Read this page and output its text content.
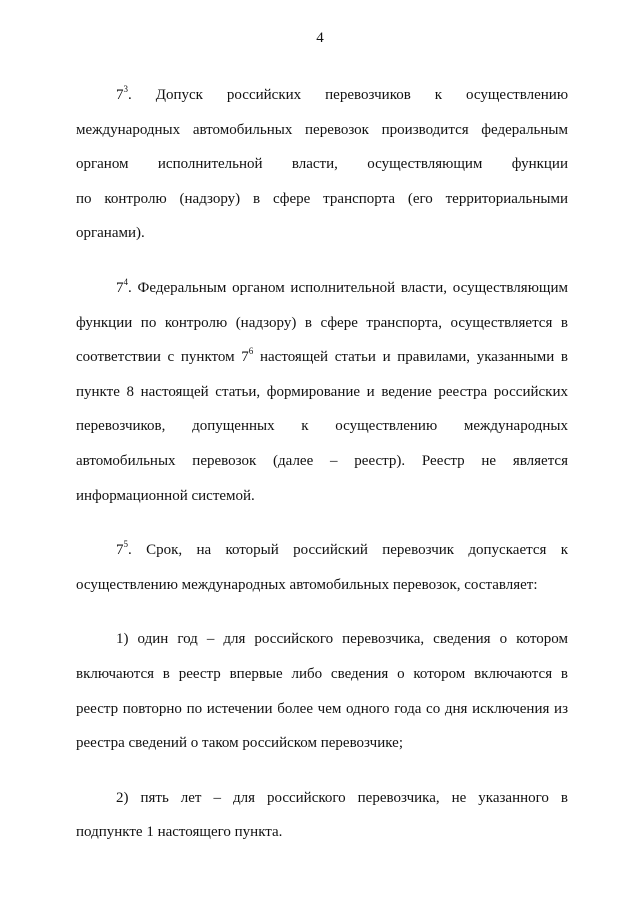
4

$7^3$. Допуск российских перевозчиков к осуществлению
международных автомобильных перевозок производится федеральным
органом исполнительной власти, осуществляющим функции
по контролю (надзору) в сфере транспорта (его территориальными
органами).

$7^4$. Федеральным органом исполнительной власти, осуществляющим
функции по контролю (надзору) в сфере транспорта, осуществляется в
соответствии с пунктом $7^6$ настоящей статьи и правилами, указанными в
пункте 8 настоящей статьи, формирование и ведение реестра российских
перевозчиков, допущенных к осуществлению международных
автомобильных перевозок (далее – реестр). Реестр не является
информационной системой.

$7^5$. Срок, на который российский перевозчик допускается к
осуществлению международных автомобильных перевозок, составляет:

1) один год – для российского перевозчика, сведения о котором
включаются в реестр впервые либо сведения о котором включаются в
реестр повторно по истечении более чем одного года со дня исключения из
реестра сведений о таком российском перевозчике;

2) пять лет – для российского перевозчика, не указанного в
подпункте 1 настоящего пункта.
